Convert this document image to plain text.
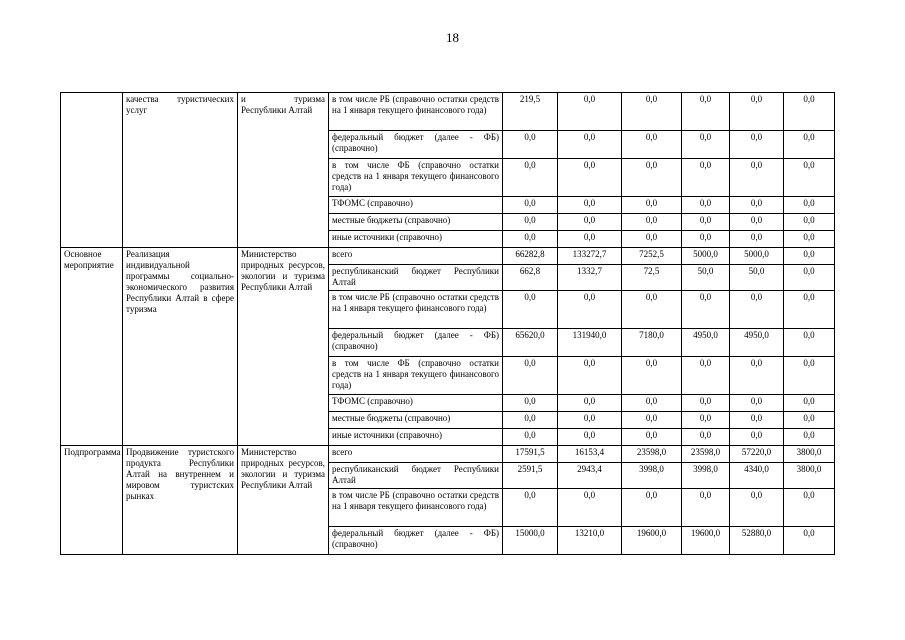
18
	качества туристических услуг	и туризма Республики Алтай	в том числе РБ (справочно остатки средств на 1 января текущего финансового года)	219,5	0,0	0,0	0,0	0,0	0,0
			федеральный бюджет (далее - ФБ) (справочно)	0,0	0,0	0,0	0,0	0,0	0,0
			в том числе ФБ (справочно остатки средств на 1 января текущего финансового года)	0,0	0,0	0,0	0,0	0,0	0,0
			ТФОМС (справочно)	0,0	0,0	0,0	0,0	0,0	0,0
			местные бюджеты (справочно)	0,0	0,0	0,0	0,0	0,0	0,0
			иные источники (справочно)	0,0	0,0	0,0	0,0	0,0	0,0
Основное мероприятие	Реализация индивидуальной программы социально-экономического развития Республики Алтай в сфере туризма	Министерство природных ресурсов, экологии и туризма Республики Алтай	всего	66282,8	133272,7	7252,5	5000,0	5000,0	0,0
			республиканский бюджет Республики Алтай	662,8	1332,7	72,5	50,0	50,0	0,0
			в том числе РБ (справочно остатки средств на 1 января текущего финансового года)	0,0	0,0	0,0	0,0	0,0	0,0
			федеральный бюджет (далее - ФБ) (справочно)	65620,0	131940,0	7180,0	4950,0	4950,0	0,0
			в том числе ФБ (справочно остатки средств на 1 января текущего финансового года)	0,0	0,0	0,0	0,0	0,0	0,0
			ТФОМС (справочно)	0,0	0,0	0,0	0,0	0,0	0,0
			местные бюджеты (справочно)	0,0	0,0	0,0	0,0	0,0	0,0
			иные источники (справочно)	0,0	0,0	0,0	0,0	0,0	0,0
Подпрограмма	Продвижение туристского продукта Республики Алтай на внутреннем и мировом туристских рынках	Министерство природных ресурсов, экологии и туризма Республики Алтай	всего	17591,5	16153,4	23598,0	23598,0	57220,0	3800,0
			республиканский бюджет Республики Алтай	2591,5	2943,4	3998,0	3998,0	4340,0	3800,0
			в том числе РБ (справочно остатки средств на 1 января текущего финансового года)	0,0	0,0	0,0	0,0	0,0	0,0
			федеральный бюджет (далее - ФБ) (справочно)	15000,0	13210,0	19600,0	19600,0	52880,0	0,0
